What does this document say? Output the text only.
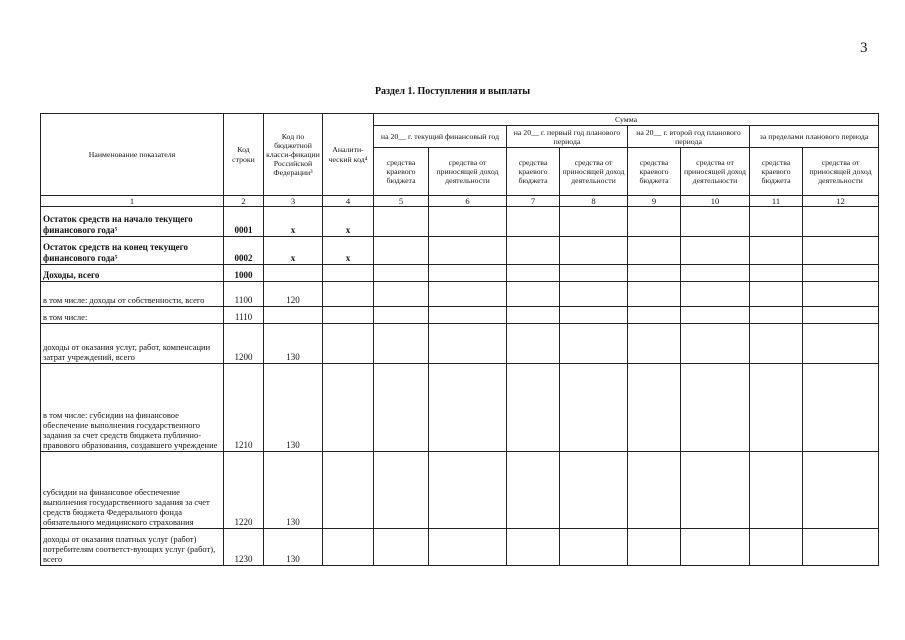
3
Раздел 1. Поступления и выплаты
Наименование показателя	Код строки	Код по бюджетной класси-фикации Российской Федерации³	Аналити-ческий код⁴	Сумма							
				на 20__ г. текущий финансовый год		на 20__ г. первый год планового периода		на 20__ г. второй год планового периода		за пределами планового периода	
				средства краевого бюджета	средства от приносящей доход деятельности	средства краевого бюджета	средства от приносящей доход деятельности	средства краевого бюджета	средства от приносящей доход деятельности	средства краевого бюджета	средства от приносящей доход деятельности
1	2	3	4	5	6	7	8	9	10	11	12
Остаток средств на начало текущего финансового года⁵	0001	x	x								
Остаток средств на конец текущего финансового года⁵	0002	x	x								
Доходы, всего	1000										
в том числе: доходы от собственности, всего	1100	120									
в том числе:	1110										
доходы от оказания услуг, работ, компенсации затрат учреждений, всего	1200	130									
в том числе: субсидии на финансовое обеспечение выполнения государственного задания за счет средств бюджета публично-правового образования, создавшего учреждение	1210	130									
субсидии на финансовое обеспечение выполнения государственного задания за счет средств бюджета Федерального фонда обязательного медицинского страхования	1220	130									
доходы от оказания платных услуг (работ) потребителям соответст-вующих услуг (работ), всего	1230	130									
